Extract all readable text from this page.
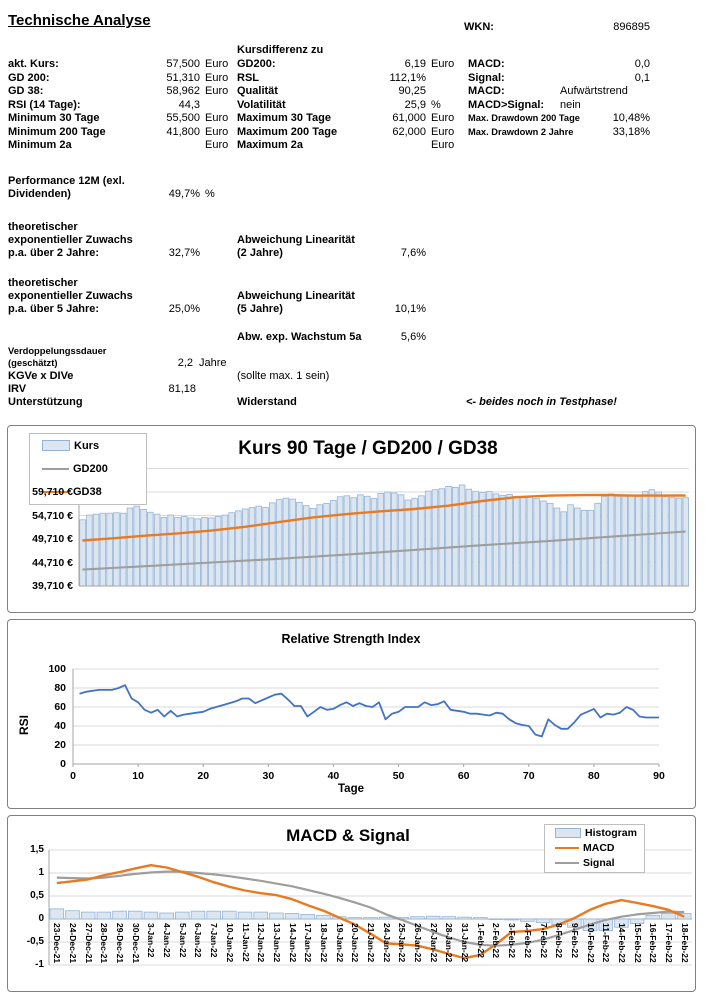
Technische Analyse	WKN:	896895
Kursdifferenz zu
akt. Kurs:	57,500 Euro GD200:	6,19 Euro MACD:	0,0
GD 200:	51,310 Euro RSL	112,1%	Signal:	0,1
GD 38:	58,962 Euro Qualität	90,25	MACD:	Aufwärtstrend
RSI (14 Tage):	44,3	Volatilität	25,9 % MACD>Signal: nein
Minimum 30 Tage	55,500 Euro Maximum 30 Tage	61,000 Euro Max. Drawdown 200 Tage	10,48%
Minimum 200 Tage	41,800 Euro Maximum 200 Tage	62,000 Euro Max. Drawdown 2 Jahre	33,18%
Minimum 2a	Euro Maximum 2a	Euro
Performance 12M (exl.
Dividenden)	49,7% %
theoretischer
exponentieller Zuwachs
p.a. über 2 Jahre:	32,7%
Abweichung Linearität
(2 Jahre)	7,6%
theoretischer
exponentieller Zuwachs
p.a. über 5 Jahre:	25,0%
Abweichung Linearität
(5 Jahre)	10,1%
Abw. exp. Wachstum 5a	5,6%
Verdoppelungssdauer
(geschätzt)	2,2 Jahre
KGVe x DIVe	(sollte max. 1 sein)
IRV	81,18
Unterstützung	Widerstand	<- beides noch in Testphase!
Kurs 90 Tage / GD200 / GD38
Kurs
GD200
GD38
39,710 €
44,710 €
49,710 €
54,710 €
59,710 €
Relative Strength Index
RSI
Tage
0
20
40
60
80
100
0	10	20	30	40	50	60	70	80	90
MACD & Signal	Histogram
MACD
Signal
1,5
1
0,5
0
-0,5
-1
23-Dec-21 24-Dec-21 27-Dec-21 28-Dec-21 29-Dec-21 30-Dec-21 3-Jan-22 4-Jan-22 5-Jan-22 6-Jan-22 7-Jan-22 10-Jan-22 11-Jan-22 12-Jan-22 13-Jan-22 14-Jan-22 17-Jan-22 18-Jan-22 19-Jan-22 20-Jan-22 21-Jan-22 24-Jan-22 25-Jan-22 26-Jan-22 27-Jan-22 28-Jan-22 31-Jan-22 1-Feb-22 2-Feb-22 3-Feb-22 4-Feb-22 7-Feb-22 8-Feb-22 9-Feb-22 10-Feb-22 11-Feb-22 14-Feb-22 15-Feb-22 16-Feb-22 17-Feb-22 18-Feb-22
